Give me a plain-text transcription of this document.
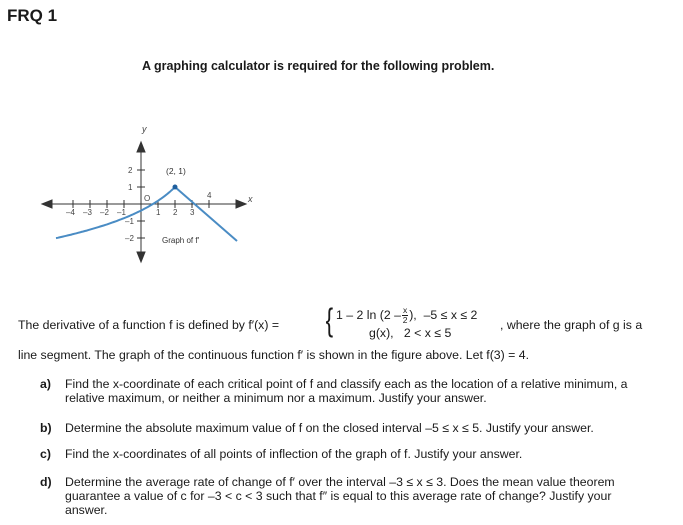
FRQ 1
A graphing calculator is required for the following problem.
y
x
2
1
–1
–2
–4 –3 –2 –1
O
1 2 3
4
(2, 1)
Graph of f′
The derivative of a function f is defined by f′(x) = { 1 – 2 $\ln (2 - \frac{x}{2}$ ), –5 ≤ x ≤ 2
g(x), 2 < x ≤ 5
, where the graph of g is a
line segment. The graph of the continuous function f′ is shown in the figure above. Let f(3) = 4.
a) Find the x-coordinate of each critical point of f and classify each as the location of a relative minimum, a relative maximum, or neither a minimum nor a maximum. Justify your answer.
b) Determine the absolute maximum value of f on the closed interval –5 ≤ x ≤ 5. Justify your answer.
c) Find the x-coordinates of all points of inflection of the graph of f. Justify your answer.
d) Determine the average rate of change of f′ over the interval –3 ≤ x ≤ 3. Does the mean value theorem guarantee a value of c for –3 < c < 3 such that f″ is equal to this average rate of change? Justify your answer.
